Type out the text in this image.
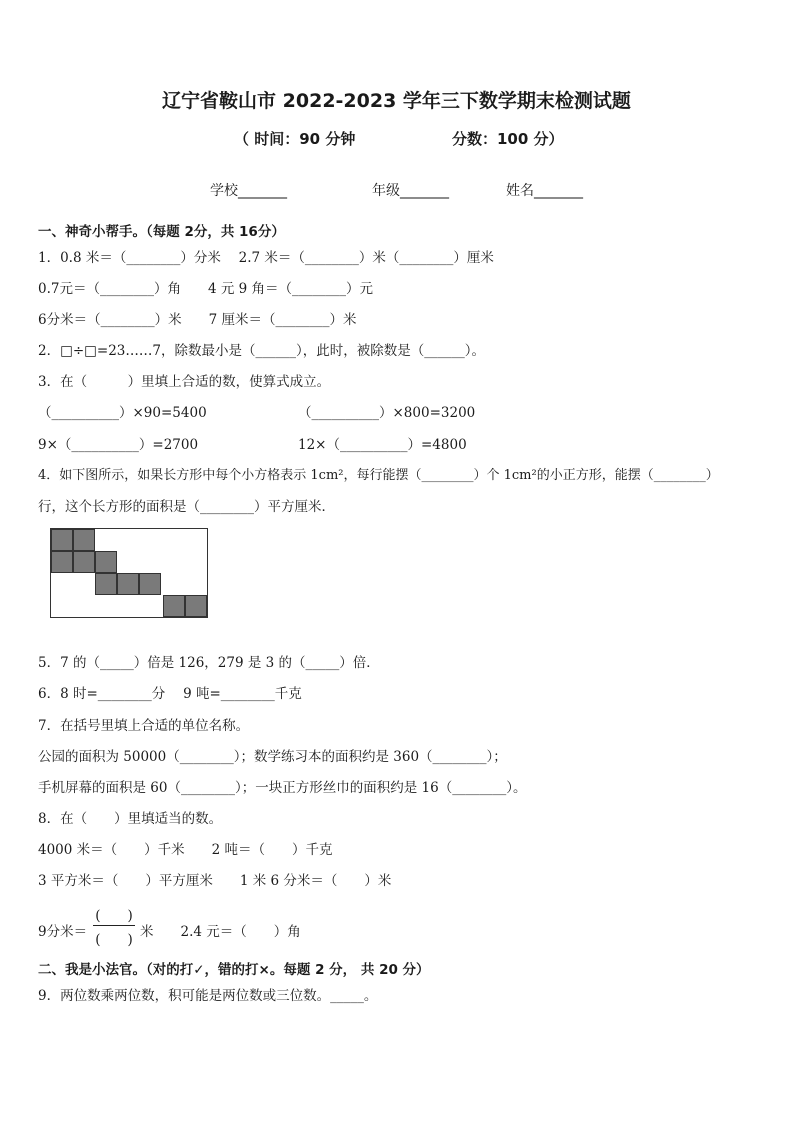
辽宁省鞍山市 2022-2023 学年三下数学期末检测试题
（ 时间：90 分钟	分数：100 分）
学校_______	年级_______	姓名_______
一、神奇小帮手。（每题 2分，共 16分）
1．0.8 米＝（________）分米　 2.7 米＝（________）米（________）厘米
0.7元＝（________）角　　4 元 9 角＝（________）元
6分米＝（________）米　　7 厘米＝（________）米
2．□÷□=23……7，除数最小是（______），此时，被除数是（______）。
3．在（　　　）里填上合适的数，使算式成立。
（__________）×90=5400	（__________）×800=3200
9×（__________）=2700	12×（__________）=4800
4．如下图所示，如果长方形中每个小方格表示 1cm²，每行能摆（________）个 1cm²的小正方形，能摆（________）
行，这个长方形的面积是（________）平方厘米．
5．7 的（_____）倍是 126，279 是 3 的（_____）倍．
6．8 时=________分　 9 吨=________千克
7．在括号里填上合适的单位名称。
公园的面积为 50000（________）；数学练习本的面积约是 360（________）；
手机屏幕的面积是 60（________）；一块正方形丝巾的面积约是 16（________）。
8．在（　　）里填适当的数。
4000 米＝（　　）千米　　2 吨＝（　　）千克
3 平方米＝（　　）平方厘米　　1 米 6 分米＝（　　）米
9分米＝
(　　)
(　　) 米　　2.4 元＝（　　）角
二、我是小法官。（对的打✓，错的打×。每题 2 分， 共 20 分）
9．两位数乘两位数，积可能是两位数或三位数。_____。
